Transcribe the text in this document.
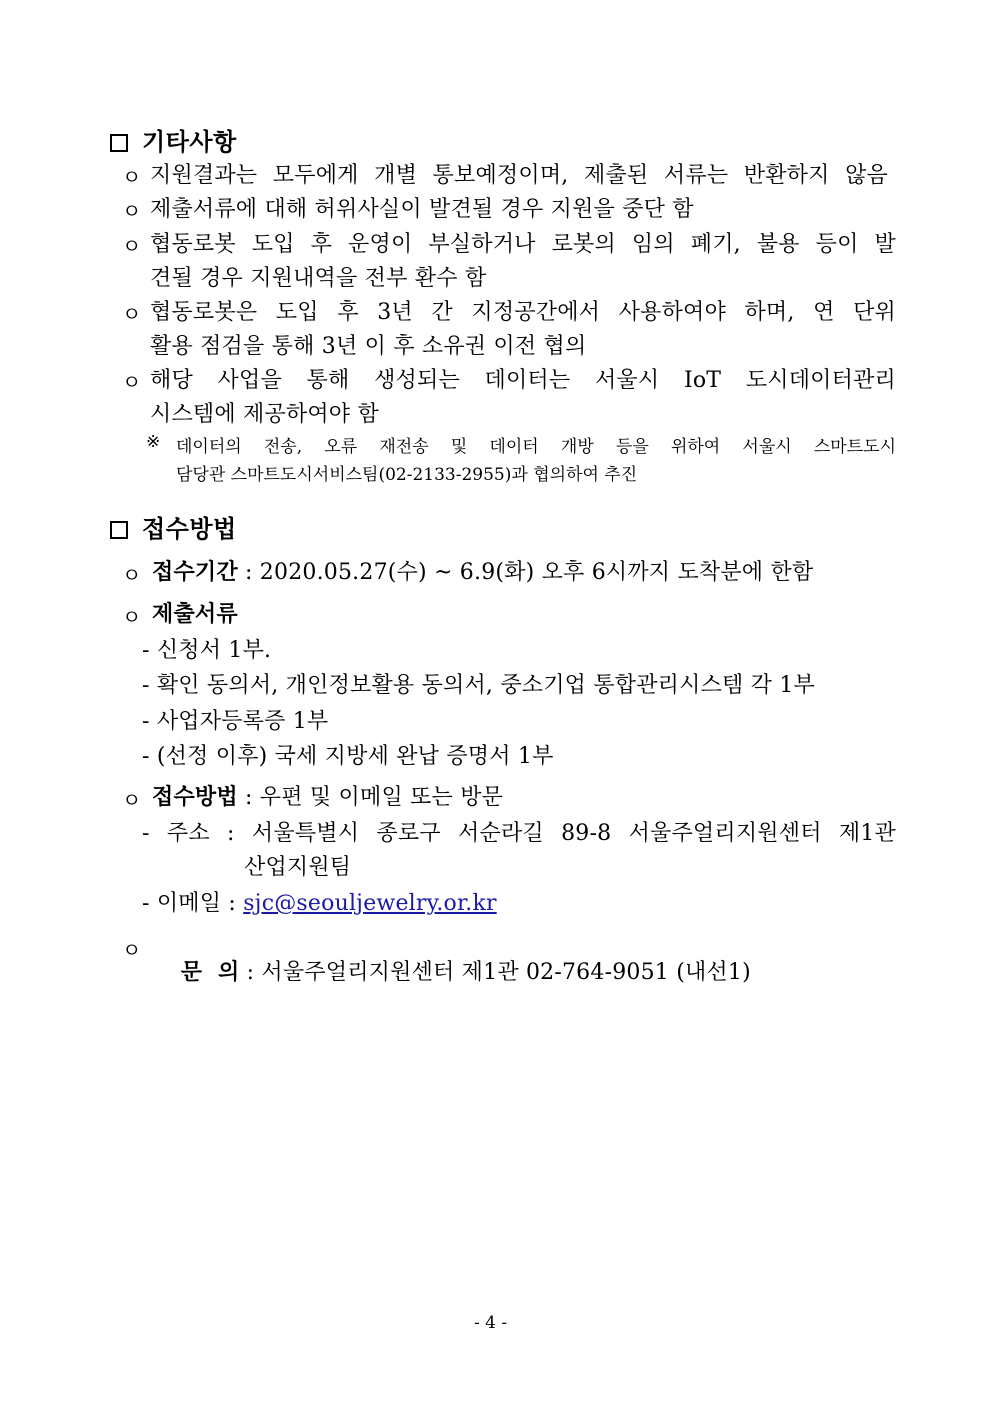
기타사항
ㅇ 지원결과는 모두에게 개별 통보예정이며, 제출된 서류는 반환하지 않음
ㅇ 제출서류에 대해 허위사실이 발견될 경우 지원을 중단 함
ㅇ 협동로봇 도입 후 운영이 부실하거나 로봇의 임의 폐기, 불용 등이 발
견될 경우 지원내역을 전부 환수 함
ㅇ 협동로봇은 도입 후 3년 간 지정공간에서 사용하여야 하며, 연 단위
활용 점검을 통해 3년 이 후 소유권 이전 협의
ㅇ 해당 사업을 통해 생성되는 데이터는 서울시 IoT 도시데이터관리
시스템에 제공하여야 함
※ 데이터의 전송, 오류 재전송 및 데이터 개방 등을 위하여 서울시 스마트도시
담당관 스마트도시서비스팀(02-2133-2955)과 협의하여 추진
접수방법
ㅇ 접수기간 : 2020.05.27(수) ~ 6.9(화) 오후 6시까지 도착분에 한함
ㅇ 제출서류
- 신청서 1부.
- 확인 동의서, 개인정보활용 동의서, 중소기업 통합관리시스템 각 1부
- 사업자등록증 1부
- (선정 이후) 국세 지방세 완납 증명서 1부
ㅇ 접수방법 : 우편 및 이메일 또는 방문
- 주소 : 서울특별시 종로구 서순라길 89-8 서울주얼리지원센터 제1관
산업지원팀
- 이메일 : sjc@seouljewelry.or.kr
ㅇ

문  의 : 서울주얼리지원센터 제1관 02-764-9051 (내선1)

- 4 -
